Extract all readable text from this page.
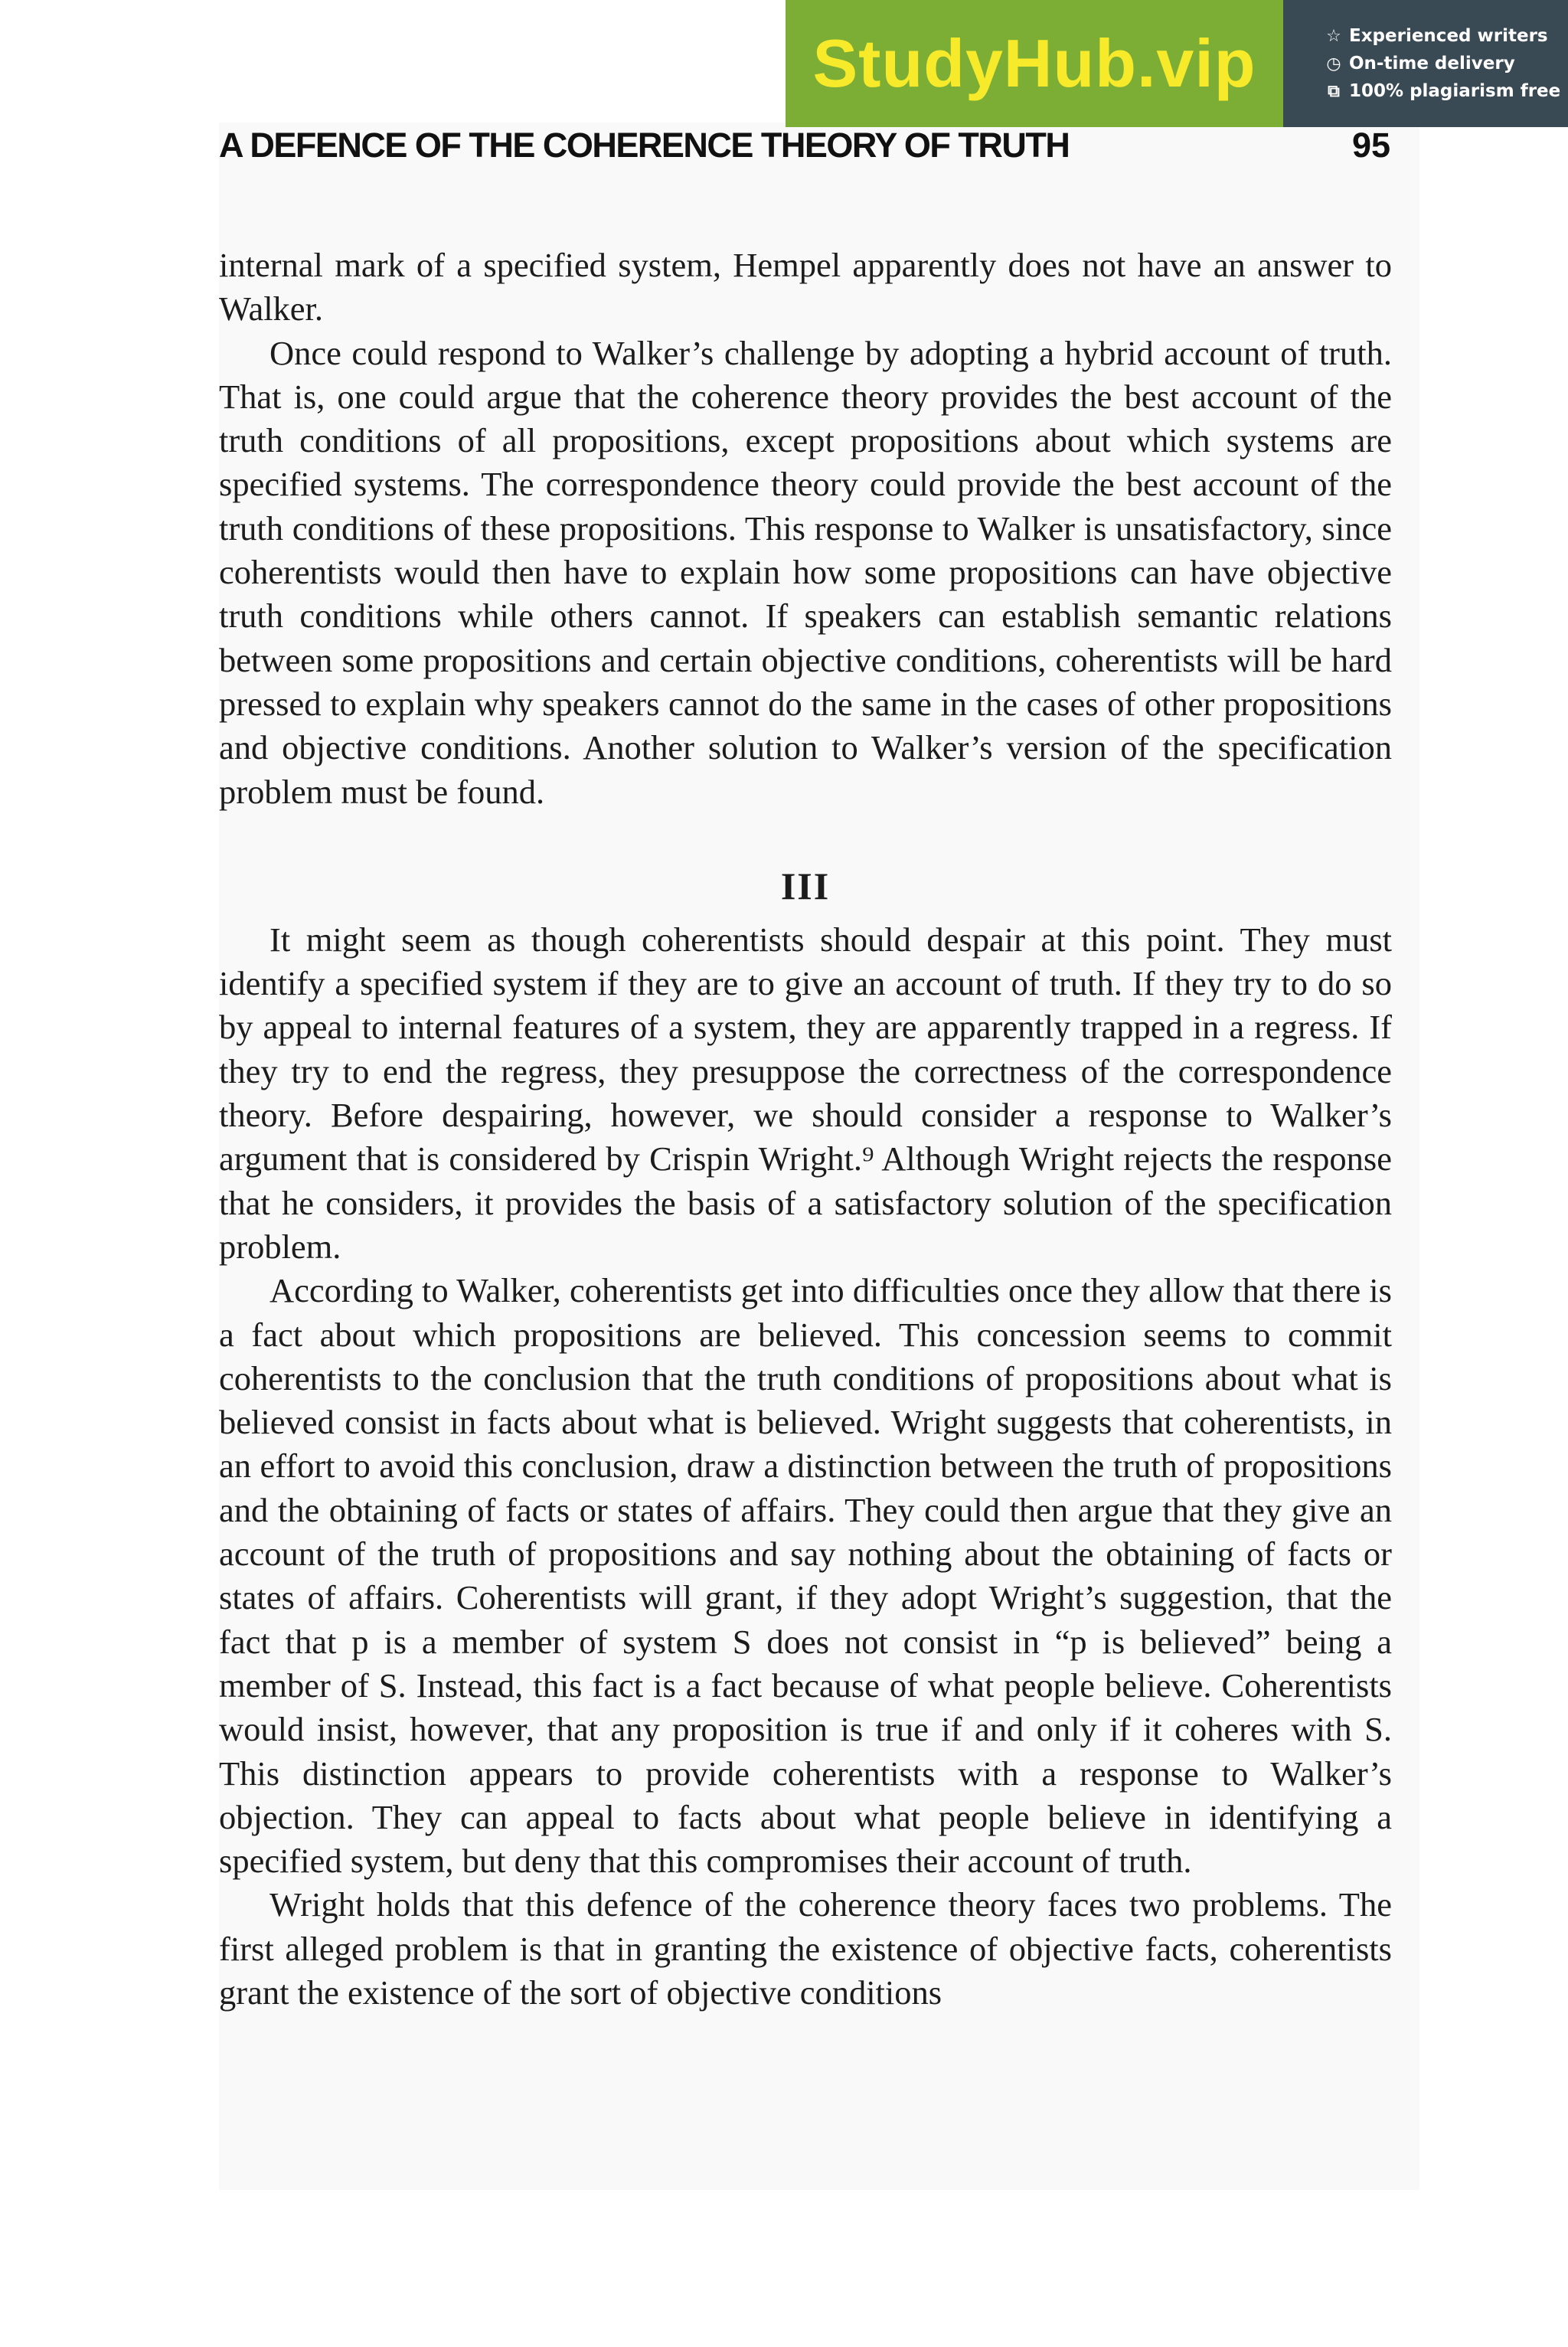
StudyHub.vip	☆ Experienced writers
◷ On-time delivery
⧉ 100% plagiarism free
A DEFENCE OF THE COHERENCE THEORY OF TRUTH	95

internal mark of a specified system, Hempel apparently does not have an answer to Walker.

Once could respond to Walker’s challenge by adopting a hybrid account of truth. That is, one could argue that the coherence theory provides the best account of the truth conditions of all propositions, except propositions about which systems are specified systems. The correspondence theory could provide the best account of the truth conditions of these propositions. This response to Walker is unsatisfactory, since coherentists would then have to explain how some propositions can have objective truth conditions while others cannot. If speakers can establish semantic relations between some propositions and certain objective conditions, coherentists will be hard pressed to explain why speakers cannot do the same in the cases of other propositions and objective conditions. Another solution to Walker’s version of the specification problem must be found.

III

It might seem as though coherentists should despair at this point. They must identify a specified system if they are to give an account of truth. If they try to do so by appeal to internal features of a system, they are apparently trapped in a regress. If they try to end the regress, they presuppose the correctness of the correspondence theory. Before despairing, however, we should consider a response to Walker’s argument that is considered by Crispin Wright.⁹ Although Wright rejects the response that he considers, it provides the basis of a satisfactory solution of the specification problem.

According to Walker, coherentists get into difficulties once they allow that there is a fact about which propositions are believed. This concession seems to commit coherentists to the conclusion that the truth conditions of propositions about what is believed consist in facts about what is believed. Wright suggests that coherentists, in an effort to avoid this conclusion, draw a distinction between the truth of propositions and the obtaining of facts or states of affairs. They could then argue that they give an account of the truth of propositions and say nothing about the obtaining of facts or states of affairs. Coherentists will grant, if they adopt Wright’s suggestion, that the fact that p is a member of system S does not consist in “p is believed” being a member of S. Instead, this fact is a fact because of what people believe. Coherentists would insist, however, that any proposition is true if and only if it coheres with S. This distinction appears to provide coherentists with a response to Walker’s objection. They can appeal to facts about what people believe in identifying a specified system, but deny that this compromises their account of truth.

Wright holds that this defence of the coherence theory faces two problems. The first alleged problem is that in granting the existence of objective facts, coherentists grant the existence of the sort of objective conditions
